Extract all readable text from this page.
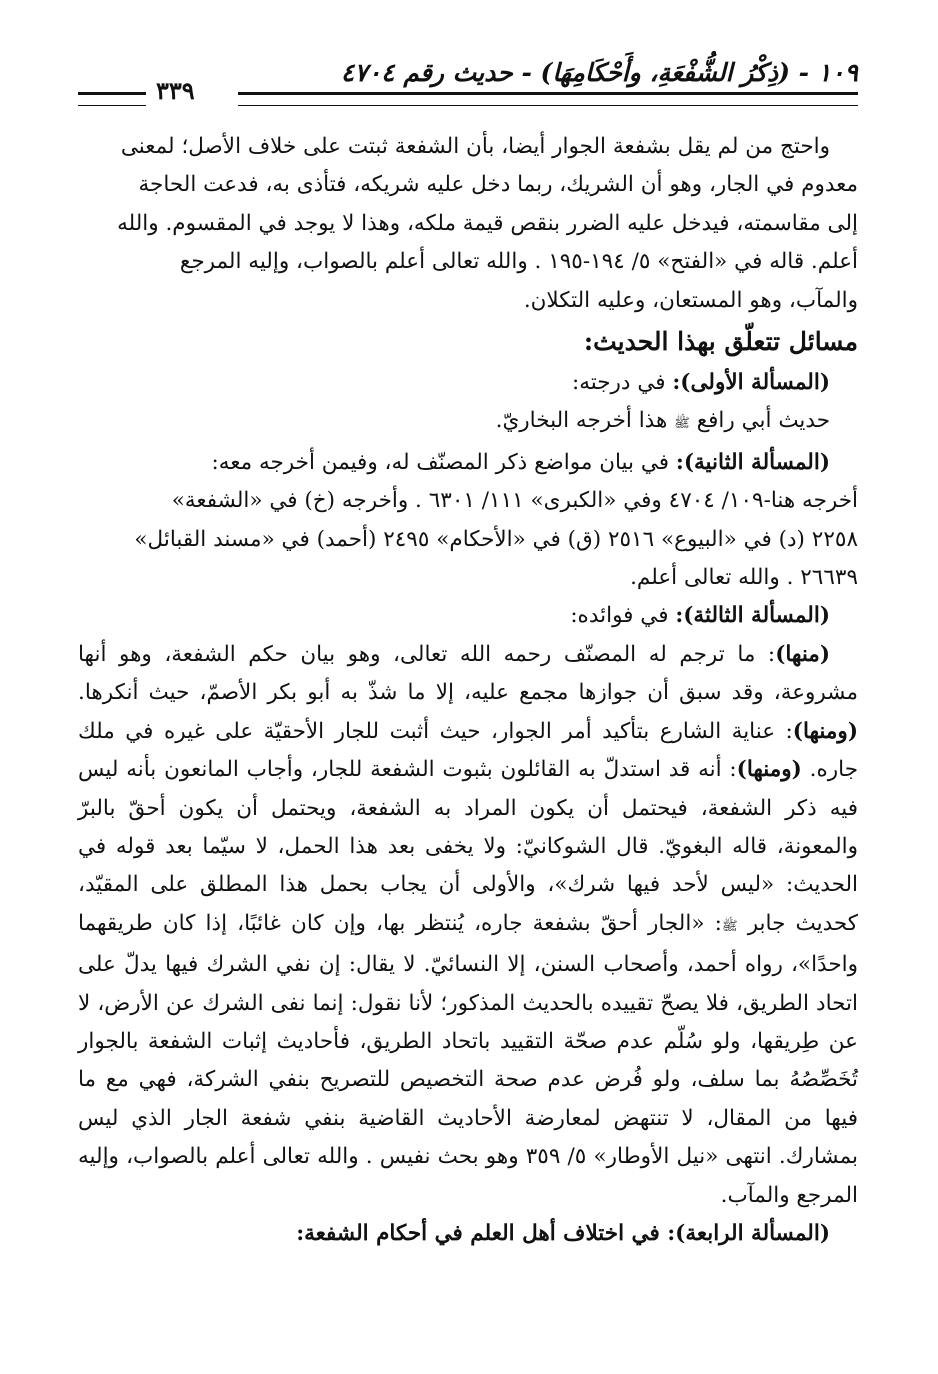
١٠٩ - (ذِكْرُ الشُّفْعَةِ، وأَحْكَامِهَا) - حديث رقم ٤٧٠٤
٣٣٩

واحتج من لم يقل بشفعة الجوار أيضا، بأن الشفعة ثبتت على خلاف الأصل؛ لمعنى

معدوم في الجار، وهو أن الشريك، ربما دخل عليه شريكه، فتأذى به، فدعت الحاجة

إلى مقاسمته، فيدخل عليه الضرر بنقص قيمة ملكه، وهذا لا يوجد في المقسوم. والله

أعلم. قاله في «الفتح» ٥/ ١٩٤-١٩٥ . والله تعالى أعلم بالصواب، وإليه المرجع

والمآب، وهو المستعان، وعليه التكلان.

مسائل تتعلّق بهذا الحديث:

(المسألة الأولى): في درجته:

حديث أبي رافع ﷺ هذا أخرجه البخاريّ.

(المسألة الثانية): في بيان مواضع ذكر المصنّف له، وفيمن أخرجه معه:

أخرجه هنا-١٠٩/ ٤٧٠٤ وفي «الكبرى» ١١١/ ٦٣٠١ . وأخرجه (خ) في «الشفعة»

٢٢٥٨ (د) في «البيوع» ٢٥١٦ (ق) في «الأحكام» ٢٤٩٥ (أحمد) في «مسند القبائل»

٢٦٦٣٩ . والله تعالى أعلم.

(المسألة الثالثة): في فوائده:

(منها): ما ترجم له المصنّف رحمه الله تعالى، وهو بيان حكم الشفعة، وهو أنها مشروعة، وقد سبق أن جوازها مجمع عليه، إلا ما شذّ به أبو بكر الأصمّ، حيث أنكرها. (ومنها): عناية الشارع بتأكيد أمر الجوار، حيث أثبت للجار الأحقيّة على غيره في ملك جاره. (ومنها): أنه قد استدلّ به القائلون بثبوت الشفعة للجار، وأجاب المانعون بأنه ليس فيه ذكر الشفعة، فيحتمل أن يكون المراد به الشفعة، ويحتمل أن يكون أحقّ بالبرّ والمعونة، قاله البغويّ. قال الشوكانيّ: ولا يخفى بعد هذا الحمل، لا سيّما بعد قوله في الحديث: «ليس لأحد فيها شرك»، والأولى أن يجاب بحمل هذا المطلق على المقيّد، كحديث جابر ﷺ: «الجار أحقّ بشفعة جاره، يُنتظر بها، وإن كان غائبًا، إذا كان طريقهما واحدًا»، رواه أحمد، وأصحاب السنن، إلا النسائيّ. لا يقال: إن نفي الشرك فيها يدلّ على اتحاد الطريق، فلا يصحّ تقييده بالحديث المذكور؛ لأنا نقول: إنما نفى الشرك عن الأرض، لا عن طِريقها، ولو سُلّم عدم صحّة التقييد باتحاد الطريق، فأحاديث إثبات الشفعة بالجوار تُخَصِّصُهُ بما سلف، ولو فُرض عدم صحة التخصيص للتصريح بنفي الشركة، فهي مع ما فيها من المقال، لا تنتهض لمعارضة الأحاديث القاضية بنفي شفعة الجار الذي ليس بمشارك. انتهى «نيل الأوطار» ٥/ ٣٥٩ وهو بحث نفيس . والله تعالى أعلم بالصواب، وإليه المرجع والمآب.

(المسألة الرابعة): في اختلاف أهل العلم في أحكام الشفعة:
